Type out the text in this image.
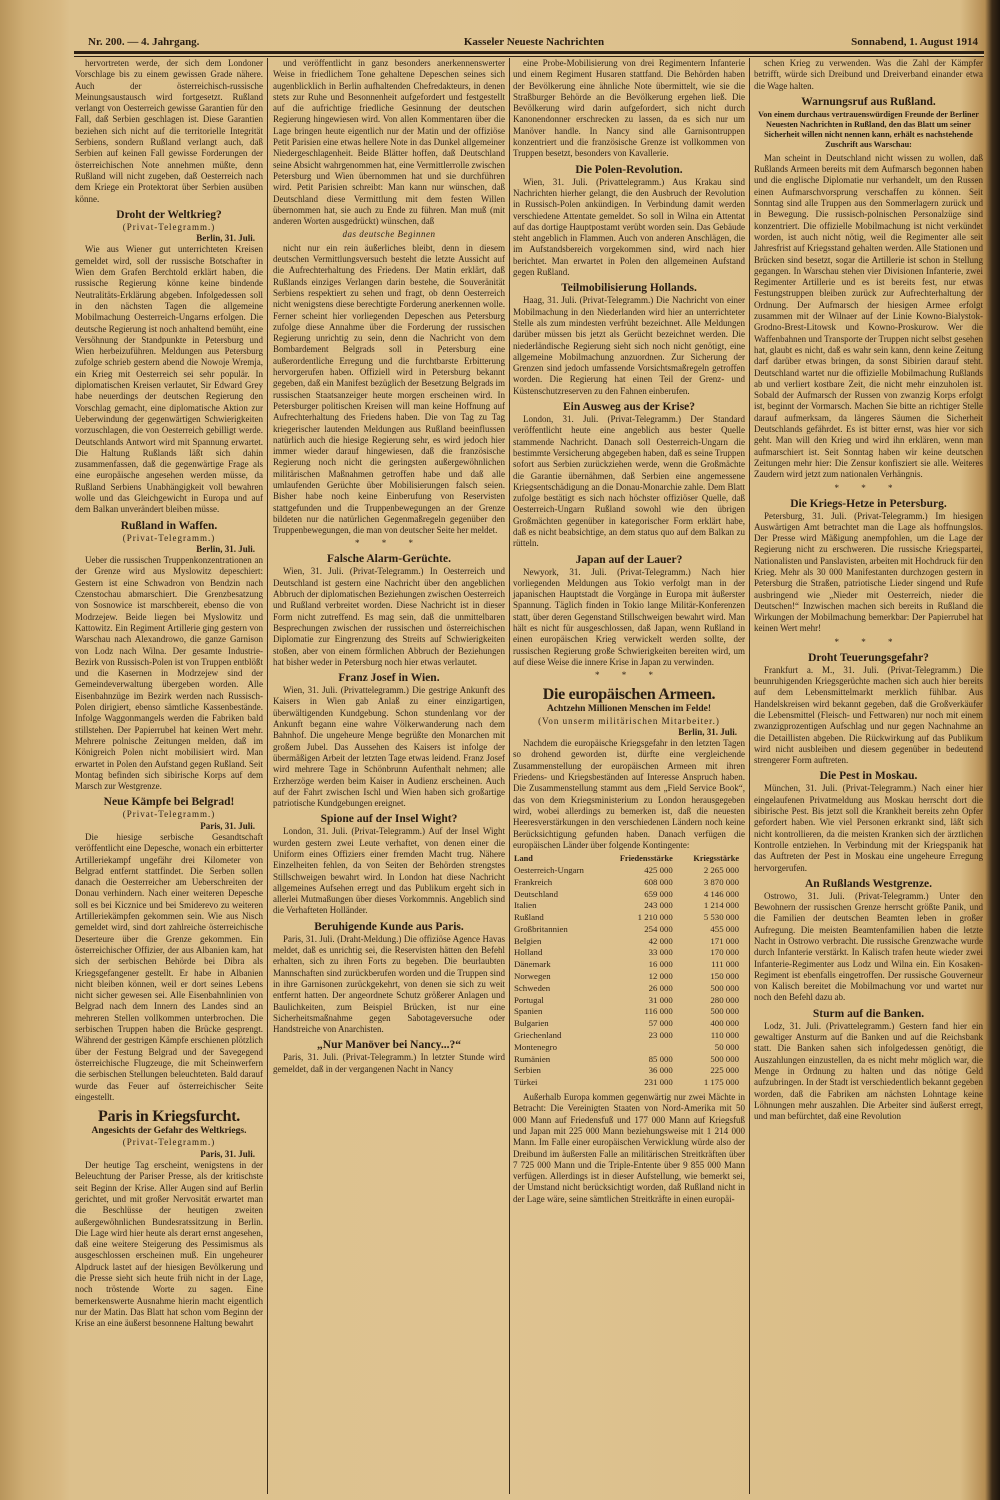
Nr. 200. — 4. Jahrgang.	Kasseler Neueste Nachrichten	Sonnabend, 1. August 1914
hervortreten werde, der sich dem Londoner Vorschlage bis zu einem gewissen Grade nähere. Auch der österreichisch-russische Meinungsaustausch wird fortgesetzt. Rußland verlangt von Oesterreich gewisse Garantien für den Fall, daß Serbien geschlagen ist. Diese Garantien beziehen sich nicht auf die territorielle Integrität Serbiens, sondern Rußland verlangt auch, daß Serbien auf keinen Fall gewisse Forderungen der österreichischen Note annehmen müßte, denn Rußland will nicht zugeben, daß Oesterreich nach dem Kriege ein Protektorat über Serbien ausüben könne.
Droht der Weltkrieg?
(Privat-Telegramm.)
Berlin, 31. Juli.
Wie aus Wiener gut unterrichteten Kreisen gemeldet wird, soll der russische Botschafter in Wien dem Grafen Berchtold erklärt haben, die russische Regierung könne keine bindende Neutralitäts-Erklärung abgeben. Infolgedessen soll in den nächsten Tagen die allgemeine Mobilmachung Oesterreich-Ungarns erfolgen. Die deutsche Regierung ist noch anhaltend bemüht, eine Versöhnung der Standpunkte in Petersburg und Wien herbeizuführen. Meldungen aus Petersburg zufolge schrieb gestern abend die Nowoje Wremja, ein Krieg mit Oesterreich sei sehr populär. In diplomatischen Kreisen verlautet, Sir Edward Grey habe neuerdings der deutschen Regierung den Vorschlag gemacht, eine diplomatische Aktion zur Ueberwindung der gegenwärtigen Schwierigkeiten vorzuschlagen, die von Oesterreich gebilligt werde. Deutschlands Antwort wird mit Spannung erwartet. Die Haltung Rußlands läßt sich dahin zusammenfassen, daß die gegenwärtige Frage als eine europäische angesehen werden müsse, da Rußland Serbiens Unabhängigkeit voll bewahren wolle und das Gleichgewicht in Europa und auf dem Balkan unverändert bleiben müsse.
Rußland in Waffen.
(Privat-Telegramm.)
Berlin, 31. Juli.
Ueber die russischen Truppenkonzentrationen an der Grenze wird aus Myslowitz depeschiert: Gestern ist eine Schwadron von Bendzin nach Czenstochau abmarschiert. Die Grenzbesatzung von Sosnowice ist marschbereit, ebenso die von Modrzejew. Beide liegen bei Myslowitz und Kattowitz. Ein Regiment Artillerie ging gestern von Warschau nach Alexandrowo, die ganze Garnison von Lodz nach Wilna. Der gesamte Industrie-Bezirk von Russisch-Polen ist von Truppen entblößt und die Kasernen in Modrzejew sind der Gemeindeverwaltung übergeben worden. Alle Eisenbahnzüge im Bezirk werden nach Russisch-Polen dirigiert, ebenso sämtliche Kassenbestände. Infolge Waggonmangels werden die Fabriken bald stillstehen. Der Papierrubel hat keinen Wert mehr. Mehrere polnische Zeitungen melden, daß im Königreich Polen nicht mobilisiert wird. Man erwartet in Polen den Aufstand gegen Rußland. Seit Montag befinden sich sibirische Korps auf dem Marsch zur Westgrenze.
Neue Kämpfe bei Belgrad!
(Privat-Telegramm.)
Paris, 31. Juli.
Die hiesige serbische Gesandtschaft veröffentlicht eine Depesche, wonach ein erbitterter Artilleriekampf ungefähr drei Kilometer von Belgrad entfernt stattfindet. Die Serben sollen danach die Oesterreicher am Ueberschreiten der Donau verhindern. Nach einer weiteren Depesche soll es bei Kicznice und bei Smiderevo zu weiteren Artilleriekämpfen gekommen sein. Wie aus Nisch gemeldet wird, sind dort zahlreiche österreichische Deserteure über die Grenze gekommen. Ein österreichischer Offizier, der aus Albanien kam, hat sich der serbischen Behörde bei Dibra als Kriegsgefangener gestellt. Er habe in Albanien nicht bleiben können, weil er dort seines Lebens nicht sicher gewesen sei. Alle Eisenbahnlinien von Belgrad nach dem Innern des Landes sind an mehreren Stellen vollkommen unterbrochen. Die serbischen Truppen haben die Brücke gesprengt. Während der gestrigen Kämpfe erschienen plötzlich über der Festung Belgrad und der Savegegend österreichische Flugzeuge, die mit Scheinwerfern die serbischen Stellungen beleuchteten. Bald darauf wurde das Feuer auf österreichischer Seite eingestellt.
Paris in Kriegsfurcht.
Angesichts der Gefahr des Weltkriegs.
(Privat-Telegramm.)
Paris, 31. Juli.
Der heutige Tag erscheint, wenigstens in der Beleuchtung der Pariser Presse, als der kritischste seit Beginn der Krise. Aller Augen sind auf Berlin gerichtet, und mit großer Nervosität erwartet man die Beschlüsse der heutigen zweiten außergewöhnlichen Bundesratssitzung in Berlin. Die Lage wird hier heute als derart ernst angesehen, daß eine weitere Steigerung des Pessimismus als ausgeschlossen erscheinen muß. Ein ungeheurer Alpdruck lastet auf der hiesigen Bevölkerung und die Presse sieht sich heute früh nicht in der Lage, noch tröstende Worte zu sagen. Eine bemerkenswerte Ausnahme hierin macht eigentlich nur der Matin. Das Blatt hat schon vom Beginn der Krise an eine äußerst besonnene Haltung bewahrt
und veröffentlicht in ganz besonders anerkennenswerter Weise in friedlichem Tone gehaltene Depeschen seines sich augenblicklich in Berlin aufhaltenden Chefredakteurs, in denen stets zur Ruhe und Besonnenheit aufgefordert und festgestellt auf die aufrichtige friedliche Gesinnung der deutschen Regierung hingewiesen wird. Von allen Kommentaren über die Lage bringen heute eigentlich nur der Matin und der offiziöse Petit Parisien eine etwas hellere Note in das Dunkel allgemeiner Niedergeschlagenheit. Beide Blätter hoffen, daß Deutschland seine Absicht wahrgenommen hat, eine Vermittlerrolle zwischen Petersburg und Wien übernommen hat und sie durchführen wird. Petit Parisien schreibt: Man kann nur wünschen, daß Deutschland diese Vermittlung mit dem festen Willen übernommen hat, sie auch zu Ende zu führen. Man muß (mit anderen Worten ausgedrückt) wünschen, daß
das deutsche Beginnen
nicht nur ein rein äußerliches bleibt, denn in diesem deutschen Vermittlungsversuch besteht die letzte Aussicht auf die Aufrechterhaltung des Friedens. Der Matin erklärt, daß Rußlands einziges Verlangen darin bestehe, die Souveränität Serbiens respektiert zu sehen und fragt, ob denn Oesterreich nicht wenigstens diese berechtigte Forderung anerkennen wolle. Ferner scheint hier vorliegenden Depeschen aus Petersburg zufolge diese Annahme über die Forderung der russischen Regierung unrichtig zu sein, denn die Nachricht von dem Bombardement Belgrads soll in Petersburg eine außerordentliche Erregung und die furchtbarste Erbitterung hervorgerufen haben. Offiziell wird in Petersburg bekannt gegeben, daß ein Manifest bezüglich der Besetzung Belgrads im russischen Staatsanzeiger heute morgen erscheinen wird. In Petersburger politischen Kreisen will man keine Hoffnung auf Aufrechterhaltung des Friedens haben. Die von Tag zu Tag kriegerischer lautenden Meldungen aus Rußland beeinflussen natürlich auch die hiesige Regierung sehr, es wird jedoch hier immer wieder darauf hingewiesen, daß die französische Regierung noch nicht die geringsten außergewöhnlichen militärischen Maßnahmen getroffen habe und daß alle umlaufenden Gerüchte über Mobilisierungen falsch seien. Bisher habe noch keine Einberufung von Reservisten stattgefunden und die Truppenbewegungen an der Grenze bildeten nur die natürlichen Gegenmaßregeln gegenüber den Truppenbewegungen, die man von deutscher Seite her meldet.
* * *
Falsche Alarm-Gerüchte.
Wien, 31. Juli. (Privat-Telegramm.) In Oesterreich und Deutschland ist gestern eine Nachricht über den angeblichen Abbruch der diplomatischen Beziehungen zwischen Oesterreich und Rußland verbreitet worden. Diese Nachricht ist in dieser Form nicht zutreffend. Es mag sein, daß die unmittelbaren Besprechungen zwischen der russischen und österreichischen Diplomatie zur Eingrenzung des Streits auf Schwierigkeiten stoßen, aber von einem förmlichen Abbruch der Beziehungen hat bisher weder in Petersburg noch hier etwas verlautet.
Franz Josef in Wien.
Wien, 31. Juli. (Privattelegramm.) Die gestrige Ankunft des Kaisers in Wien gab Anlaß zu einer einzigartigen, überwältigenden Kundgebung. Schon stundenlang vor der Ankunft begann eine wahre Völkerwanderung nach dem Bahnhof. Die ungeheure Menge begrüßte den Monarchen mit großem Jubel. Das Aussehen des Kaisers ist infolge der übermäßigen Arbeit der letzten Tage etwas leidend. Franz Josef wird mehrere Tage in Schönbrunn Aufenthalt nehmen; alle Erzherzöge werden beim Kaiser in Audienz erscheinen. Auch auf der Fahrt zwischen Ischl und Wien haben sich großartige patriotische Kundgebungen ereignet.
Spione auf der Insel Wight?
London, 31. Juli. (Privat-Telegramm.) Auf der Insel Wight wurden gestern zwei Leute verhaftet, von denen einer die Uniform eines Offiziers einer fremden Macht trug. Nähere Einzelheiten fehlen, da von Seiten der Behörden strengstes Stillschweigen bewahrt wird. In London hat diese Nachricht allgemeines Aufsehen erregt und das Publikum ergeht sich in allerlei Mutmaßungen über dieses Vorkommnis. Angeblich sind die Verhafteten Holländer.
Beruhigende Kunde aus Paris.
Paris, 31. Juli. (Draht-Meldung.) Die offiziöse Agence Havas meldet, daß es unrichtig sei, die Reservisten hätten den Befehl erhalten, sich zu ihren Forts zu begeben. Die beurlaubten Mannschaften sind zurückberufen worden und die Truppen sind in ihre Garnisonen zurückgekehrt, von denen sie sich zu weit entfernt hatten. Der angeordnete Schutz größerer Anlagen und Baulichkeiten, zum Beispiel Brücken, ist nur eine Sicherheitsmaßnahme gegen Sabotageversuche oder Handstreiche von Anarchisten.
„Nur Manöver bei Nancy...?“
Paris, 31. Juli. (Privat-Telegramm.) In letzter Stunde wird gemeldet, daß in der vergangenen Nacht in Nancy
eine Probe-Mobilisierung von drei Regimentern Infanterie und einem Regiment Husaren stattfand. Die Behörden haben der Bevölkerung eine ähnliche Note übermittelt, wie sie die Straßburger Behörde an die Bevölkerung ergehen ließ. Die Bevölkerung wird darin aufgefordert, sich nicht durch Kanonendonner erschrecken zu lassen, da es sich nur um Manöver handle. In Nancy sind alle Garnisontruppen konzentriert und die französische Grenze ist vollkommen von Truppen besetzt, besonders von Kavallerie.
Die Polen-Revolution.
Wien, 31. Juli. (Privattelegramm.) Aus Krakau sind Nachrichten hierher gelangt, die den Ausbruch der Revolution in Russisch-Polen ankündigen. In Verbindung damit werden verschiedene Attentate gemeldet. So soll in Wilna ein Attentat auf das dortige Hauptpostamt verübt worden sein. Das Gebäude steht angeblich in Flammen. Auch von anderen Anschlägen, die im Aufstandsbereich vorgekommen sind, wird nach hier berichtet. Man erwartet in Polen den allgemeinen Aufstand gegen Rußland.
Teilmobilisierung Hollands.
Haag, 31. Juli. (Privat-Telegramm.) Die Nachricht von einer Mobilmachung in den Niederlanden wird hier an unterrichteter Stelle als zum mindesten verfrüht bezeichnet. Alle Meldungen darüber müssen bis jetzt als Gerücht bezeichnet werden. Die niederländische Regierung sieht sich noch nicht genötigt, eine allgemeine Mobilmachung anzuordnen. Zur Sicherung der Grenzen sind jedoch umfassende Vorsichtsmaßregeln getroffen worden. Die Regierung hat einen Teil der Grenz- und Küstenschutzreserven zu den Fahnen einberufen.
Ein Ausweg aus der Krise?
London, 31. Juli. (Privat-Telegramm.) Der Standard veröffentlicht heute eine angeblich aus bester Quelle stammende Nachricht. Danach soll Oesterreich-Ungarn die bestimmte Versicherung abgegeben haben, daß es seine Truppen sofort aus Serbien zurückziehen werde, wenn die Großmächte die Garantie übernähmen, daß Serbien eine angemessene Kriegsentschädigung an die Donau-Monarchie zahle. Dem Blatt zufolge bestätigt es sich nach höchster offiziöser Quelle, daß Oesterreich-Ungarn Rußland sowohl wie den übrigen Großmächten gegenüber in kategorischer Form erklärt habe, daß es nicht beabsichtige, an dem status quo auf dem Balkan zu rütteln.
Japan auf der Lauer?
Newyork, 31. Juli. (Privat-Telegramm.) Nach hier vorliegenden Meldungen aus Tokio verfolgt man in der japanischen Hauptstadt die Vorgänge in Europa mit äußerster Spannung. Täglich finden in Tokio lange Militär-Konferenzen statt, über deren Gegenstand Stillschweigen bewahrt wird. Man hält es nicht für ausgeschlossen, daß Japan, wenn Rußland in einen europäischen Krieg verwickelt werden sollte, der russischen Regierung große Schwierigkeiten bereiten wird, um auf diese Weise die innere Krise in Japan zu verwinden.
* * *
Die europäischen Armeen.
Achtzehn Millionen Menschen im Felde!
(Von unserm militärischen Mitarbeiter.)
Berlin, 31. Juli.
Nachdem die europäische Kriegsgefahr in den letzten Tagen so drohend geworden ist, dürfte eine vergleichende Zusammenstellung der europäischen Armeen mit ihren Friedens- und Kriegsbeständen auf Interesse Anspruch haben. Die Zusammenstellung stammt aus dem „Field Service Book“, das von dem Kriegsministerium zu London herausgegeben wird, wobei allerdings zu bemerken ist, daß die neuesten Heeresverstärkungen in den verschiedenen Ländern noch keine Berücksichtigung gefunden haben. Danach verfügen die europäischen Länder über folgende Kontingente:
Land	Friedensstärke	Kriegsstärke
Oesterreich-Ungarn	425 000	2 265 000
Frankreich	608 000	3 870 000
Deutschland	659 000	4 146 000
Italien	243 000	1 214 000
Rußland	1 210 000	5 530 000
Großbritannien	254 000	455 000
Belgien	42 000	171 000
Holland	33 000	170 000
Dänemark	16 000	111 000
Norwegen	12 000	150 000
Schweden	26 000	500 000
Portugal	31 000	280 000
Spanien	116 000	500 000
Bulgarien	57 000	400 000
Griechenland	23 000	110 000
Montenegro		50 000
Rumänien	85 000	500 000
Serbien	36 000	225 000
Türkei	231 000	1 175 000
Außerhalb Europa kommen gegenwärtig nur zwei Mächte in Betracht: Die Vereinigten Staaten von Nord-Amerika mit 50 000 Mann auf Friedensfuß und 177 000 Mann auf Kriegsfuß und Japan mit 225 000 Mann beziehungsweise mit 1 214 000 Mann. Im Falle einer europäischen Verwicklung würde also der Dreibund im äußersten Falle an militärischen Streitkräften über 7 725 000 Mann und die Triple-Entente über 9 855 000 Mann verfügen. Allerdings ist in dieser Aufstellung, wie bemerkt sei, der Umstand nicht berücksichtigt worden, daß Rußland nicht in der Lage wäre, seine sämtlichen Streitkräfte in einen europäi-
schen Krieg zu verwenden. Was die Zahl der Kämpfer betrifft, würde sich Dreibund und Dreiverband einander etwa die Wage halten.
Warnungsruf aus Rußland.
Von einem durchaus vertrauenswürdigen Freunde der Berliner Neuesten Nachrichten in Rußland, den das Blatt um seiner Sicherheit willen nicht nennen kann, erhält es nachstehende Zuschrift aus Warschau:
Man scheint in Deutschland nicht wissen zu wollen, daß Rußlands Armeen bereits mit dem Aufmarsch begonnen haben und die englische Diplomatie nur verhandelt, um den Russen einen Aufmarschvorsprung verschaffen zu können. Seit Sonntag sind alle Truppen aus den Sommerlagern zurück und in Bewegung. Die russisch-polnischen Personalzüge sind konzentriert. Die offizielle Mobilmachung ist nicht verkündet worden, ist auch nicht nötig, weil die Regimenter alle seit Jahresfrist auf Kriegsstand gehalten werden. Alle Stationen und Brücken sind besetzt, sogar die Artillerie ist schon in Stellung gegangen. In Warschau stehen vier Divisionen Infanterie, zwei Regimenter Artillerie und es ist bereits fest, nur etwas Festungstruppen bleiben zurück zur Aufrechterhaltung der Ordnung. Der Aufmarsch der hiesigen Armee erfolgt zusammen mit der Wilnaer auf der Linie Kowno-Bialystok-Grodno-Brest-Litowsk und Kowno-Proskurow. Wer die Waffenbahnen und Transporte der Truppen nicht selbst gesehen hat, glaubt es nicht, daß es wahr sein kann, denn keine Zeitung darf darüber etwas bringen, da sonst Sibirien darauf steht. Deutschland wartet nur die offizielle Mobilmachung Rußlands ab und verliert kostbare Zeit, die nicht mehr einzuholen ist. Sobald der Aufmarsch der Russen von zwanzig Korps erfolgt ist, beginnt der Vormarsch. Machen Sie bitte an richtiger Stelle darauf aufmerksam, da längeres Säumen die Sicherheit Deutschlands gefährdet. Es ist bitter ernst, was hier vor sich geht. Man will den Krieg und wird ihn erklären, wenn man aufmarschiert ist. Seit Sonntag haben wir keine deutschen Zeitungen mehr hier: Die Zensur konfisziert sie alle. Weiteres Zaudern wird jetzt zum nationalen Verhängnis.
* * *
Die Kriegs-Hetze in Petersburg.
Petersburg, 31. Juli. (Privat-Telegramm.) Im hiesigen Auswärtigen Amt betrachtet man die Lage als hoffnungslos. Der Presse wird Mäßigung anempfohlen, um die Lage der Regierung nicht zu erschweren. Die russische Kriegspartei, Nationalisten und Panslavisten, arbeiten mit Hochdruck für den Krieg. Mehr als 30 000 Manifestanten durchzogen gestern in Petersburg die Straßen, patriotische Lieder singend und Rufe ausbringend wie „Nieder mit Oesterreich, nieder die Deutschen!“ Inzwischen machen sich bereits in Rußland die Wirkungen der Mobilmachung bemerkbar: Der Papierrubel hat keinen Wert mehr!
* * *
Droht Teuerungsgefahr?
Frankfurt a. M., 31. Juli. (Privat-Telegramm.) Die beunruhigenden Kriegsgerüchte machen sich auch hier bereits auf dem Lebensmittelmarkt merklich fühlbar. Aus Handelskreisen wird bekannt gegeben, daß die Großverkäufer die Lebensmittel (Fleisch- und Fettwaren) nur noch mit einem zwanzigprozentigen Aufschlag und nur gegen Nachnahme an die Detaillisten abgeben. Die Rückwirkung auf das Publikum wird nicht ausbleiben und diesem gegenüber in bedeutend strengerer Form auftreten.
Die Pest in Moskau.
München, 31. Juli. (Privat-Telegramm.) Nach einer hier eingelaufenen Privatmeldung aus Moskau herrscht dort die sibirische Pest. Bis jetzt soll die Krankheit bereits zehn Opfer gefordert haben. Wie viel Personen erkrankt sind, läßt sich nicht kontrollieren, da die meisten Kranken sich der ärztlichen Kontrolle entziehen. In Verbindung mit der Kriegspanik hat das Auftreten der Pest in Moskau eine ungeheure Erregung hervorgerufen.
An Rußlands Westgrenze.
Ostrowo, 31. Juli. (Privat-Telegramm.) Unter den Bewohnern der russischen Grenze herrscht größte Panik, und die Familien der deutschen Beamten leben in großer Aufregung. Die meisten Beamtenfamilien haben die letzte Nacht in Ostrowo verbracht. Die russische Grenzwache wurde durch Infanterie verstärkt. In Kalisch trafen heute wieder zwei Infanterie-Regimenter aus Lodz und Wilna ein. Ein Kosaken-Regiment ist ebenfalls eingetroffen. Der russische Gouverneur von Kalisch bereitet die Mobilmachung vor und wartet nur noch den Befehl dazu ab.
Sturm auf die Banken.
Lodz, 31. Juli. (Privattelegramm.) Gestern fand hier ein gewaltiger Ansturm auf die Banken und auf die Reichsbank statt. Die Banken sahen sich infolgedessen genötigt, die Auszahlungen einzustellen, da es nicht mehr möglich war, die Menge in Ordnung zu halten und das nötige Geld aufzubringen. In der Stadt ist verschiedentlich bekannt gegeben worden, daß die Fabriken am nächsten Lohntage keine Löhnungen mehr auszahlen. Die Arbeiter sind äußerst erregt, und man befürchtet, daß eine Revolution
